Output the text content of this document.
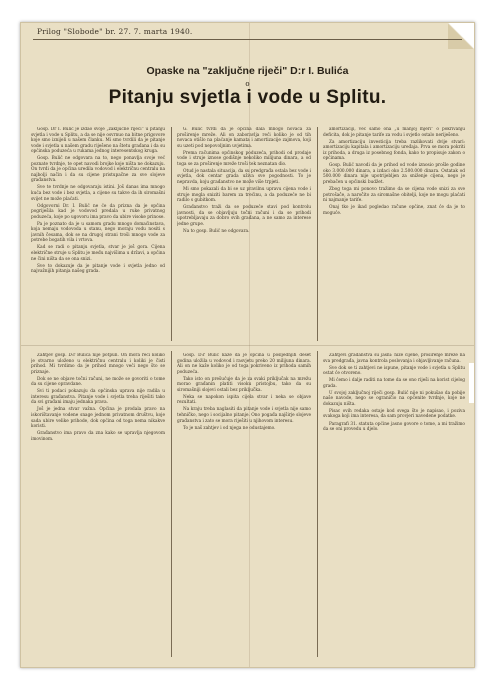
Prilog "Slobode" br. 27. 7. marta 1940.
Opaske na "zaključne riječi" D:r I. Bulića
o
Pitanju svjetla i vode u Splitu.

Gosp. Dr I. Bulić je izdao svoje „zaključne riječi“ u pitanju svjetla i vode u Splitu, a da se nije osvrnuo na bitne prigovore koje smo iznijeli u našem članku. Mi smo tvrdili da je pitanje vode i svjetla u našem gradu riješeno na štetu građana i da su općinska poduzeća u rukama jednog interesentskog kruga.

Gosp. Bulić ne odgovara na to, nego ponavlja svoje već poznate tvrdnje, te opet navodi brojke koje ništa ne dokazuju. On tvrdi da je općina uredila vodovod i električnu centralu na najbolji način i da su cijene pristupačne za sve slojeve građanstva.

Sve te tvrdnje ne odgovaraju istini. Još danas ima mnogo kuća bez vode i bez svjetla, a cijene su takve da ih siromašni svijet ne može plaćati.

Odgovorni Dr. I. Bulić ne će da prizna da je općina pogriješila kad je vodovod predala u ruke privatnog poduzeća, koje po ugovoru ima pravo da ubire visoke prinose.

Pa je poznato da je u samom gradu mnogo domaćinstava, koja nemaju vodovoda u stanu, nego moraju vodu nositi s javnih česama, dok se na drugoj strani troši mnogo vode za potrebe bogatih vila i vrtova.

Kad se radi o pitanju svjetla, stvar je još gora. Cijena električne struje u Splitu je među najvišima u državi, a općina ne čini ništa da se ona snizi.

Sve to dokazuje da je pitanje vode i svjetla jedno od najvažnijih pitanja našeg grada.

G. Bulić tvrdi da je općina dala mnogo novaca za proširenje mreže. Ali on zaboravlja reći koliko je od tih novaca otišlo na plaćanje kamata i amortizacije zajmova, koji su uzeti pod nepovoljnim uvjetima.

Prema računima općinskog poduzeća, prihodi od prodaje vode i struje iznose godišnje nekoliko milijuna dinara, a od toga se za proširenje mreže troši tek neznatan dio.

Otud je nastala situacija, da su predgrađa ostala bez vode i svjetla, dok centar grada uživa sve pogodnosti. To je nepravda, koju građanstvo ne može više trpjeti.

Mi smo pokazali da bi se uz pravilnu upravu cijena vode i struje mogla sniziti barem za trećinu, a da poduzeće ne bi radilo s gubitkom.

Građanstvo traži da se poduzeće stavi pod kontrolu javnosti, da se objavljuju točni računi i da se prihodi upotrebljavaju za dobro svih građana, a ne samo za interese jedne grupe.

Na to gosp. Bulić ne odgovara.

amortizaciji, već samo ona „u manjoj mjeri“ o pokrivanju deficita, dok je pitanje tarife za vodu i svjetlo ostalo neriješeno.

Za amortizaciju investicija treba razlikovati dvije stvari: amortizaciju kapitala i amortizaciju uređaja. Prva se mora pokriti iz prihoda, a druga iz posebnog fonda, kako to propisuje zakon o općinama.

Gosp. Bulić navodi da je prihod od vode iznosio prošle godine oko 3.000.000 dinara, a izdaci oko 2.500.000 dinara. Ostatak od 500.000 dinara nije upotrijebljen za sniženje cijena, nego je prebačen u općinski budžet.

Zbog toga mi ponovo tražimo da se cijena vode snizi za sve potrošače, a naročito za siromašne obitelji, koje ne mogu plaćati ni najmanje tarife.

Onaj tko je ikad pogledao račune općine, znat će da je to moguće.

Zahtjev gosp. D:r Bulića nije potpun. On mora reći koliko je stvarno uloženo u električnu centralu i koliki je čisti prihod. Mi tvrdimo da je prihod mnogo veći nego što se priznaje.

Dok se ne objave točni računi, ne može se govoriti o tome da su cijene opravdane.

Svi ti podaci pokazuju da općinska uprava nije radila u interesu građanstva. Pitanje vode i svjetla treba riješiti tako da svi građani imaju jednaka prava.

Još je jedna stvar važna. Općina je prodala pravo na iskorištavanje vodene snage jednom privatnom društvu, koje sada ubire velike prihode, dok općina od toga nema nikakve koristi.

Građanstvo ima pravo da zna kako se upravlja njegovom imovinom.

Gosp. D:r Bulić kaže da je općina u posljednjih deset godina uložila u vodovod i rasvjetu preko 20 milijuna dinara. Ali on ne kaže koliko je od toga pokriveno iz prihoda samih poduzeća.

Tako isto on prešućuje da je za svaki priključak na mrežu morao građanin platiti visoku pristojbu, tako da su siromašniji slojevi ostali bez priključka.

Neka se napokon ispita cijela stvar i neka se objave rezultati.

Na kraju treba naglasiti da pitanje vode i svjetla nije samo tehničko, nego i socijalno pitanje. Ono pogađa najširje slojeve građanstva i zato se mora riješiti u njihovom interesu.

To je naš zahtjev i od njega ne odustajemo.

Zahtjevi građanstva su jasni: niže cijene, proširenje mreže na sva predgrađa, javna kontrola poslovanja i objavljivanje računa.

Sve dok se ti zahtjevi ne ispune, pitanje vode i svjetla u Splitu ostat će otvoreno.

Mi ćemo i dalje raditi na tome da se ono riješi na korist cijelog grada.

U svojoj zaključnoj riječi gosp. Bulić nije ni pokušao da pobije naše navode, nego se ograničio na općenite tvrdnje, koje ne dokazuju ništa.

Pisac ovih redaka ostaje kod svega što je napisao, i poziva svakoga koji ima interesa, da sam provjeri navedene podatke.

Paragrafi 31. statuta općine jasno govore o tome, a mi tražimo da se oni provedu u djelo.
